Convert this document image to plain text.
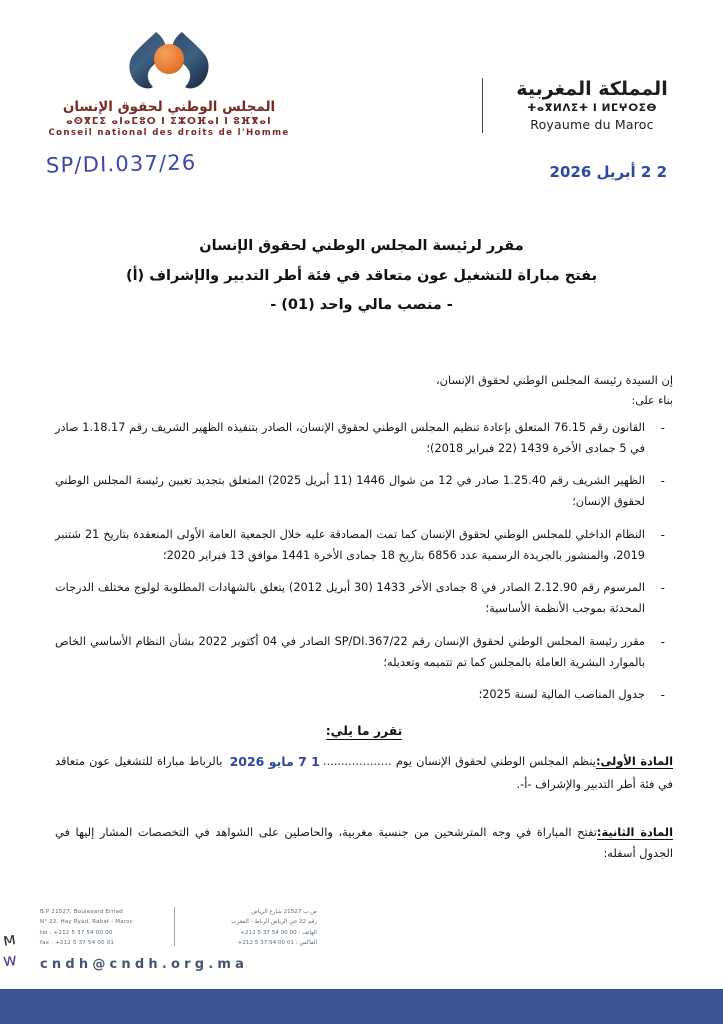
المجلس الوطني لحقوق الإنسان
ⴰⵙⴳⵎⵉ ⴰⵏⴰⵎⵓⵔ ⵏ ⵉⵣⵔⴼⴰⵏ ⵏ ⵓⴼⴳⴰⵏ
Conseil national des droits de l'Homme
SP/DI.037/26
المملكة المغربية
ⵜⴰⴳⵍⴷⵉⵜ ⵏ ⵍⵎⵖⵔⵉⴱ
Royaume du Maroc
2 2 أبريل 2026
مقرر لرئيسة المجلس الوطني لحقوق الإنسان
بفتح مباراة للتشغيل عون متعاقد في فئة أطر التدبير والإشراف (أ)
- منصب مالي واحد (01) -
إن السيدة رئيسة المجلس الوطني لحقوق الإنسان،
بناء على:
- القانون رقم 76.15 المتعلق بإعادة تنظيم المجلس الوطني لحقوق الإنسان، الصادر بتنفيذه الظهير الشريف رقم 1.18.17 صادر في 5 جمادى الأخرة 1439 (22 فبراير 2018)؛
- الظهير الشريف رقم 1.25.40 صادر في 12 من شوال 1446 (11 أبريل 2025) المتعلق بتجديد تعيين رئيسة المجلس الوطني لحقوق الإنسان؛
- النظام الداخلي للمجلس الوطني لحقوق الإنسان كما تمت المصادقة عليه خلال الجمعية العامة الأولى المنعقدة بتاريخ 21 شتنبر 2019، والمنشور بالجريدة الرسمية عدد 6856 بتاريخ 18 جمادى الأخرة 1441 موافق 13 فبراير 2020؛
- المرسوم رقم 2.12.90 الصادر في 8 جمادى الأخر 1433 (30 أبريل 2012) يتعلق بالشهادات المطلوبة لولوج مختلف الدرجات المحدثة بموجب الأنظمة الأساسية؛
- مقرر رئيسة المجلس الوطني لحقوق الإنسان رقم SP/DI.367/22 الصادر في 04 أكتوبر 2022 بشأن النظام الأساسي الخاص بالموارد البشرية العاملة بالمجلس كما تم تتميمه وتعديله؛
- جدول المناصب المالية لسنة 2025؛
تقرر ما يلي:
المادة الأولى:ينظم المجلس الوطني لحقوق الإنسان يوم ...................1 7 مايو 2026 بالرباط مباراة للتشغيل عون متعاقد في فئة أطر التدبير والإشراف -أ-.
المادة الثانية:تفتح المباراة في وجه المترشحين من جنسية مغربية، والحاصلين على الشواهد في التخصصات المشار إليها في الجدول أسفله:
ᴍ
ᴡ
B.P 21527, Boulevard Erriad
N° 22, Hay Ryad, Rabat - Maroc
tel : +212 5 37 54 00 00
fax : +212 5 37 54 00 01
ص ب 21527 شارع الرياض
رقم 22 حي الرياض الرباط - المغرب
الهاتف : 00 00 54 37 5 212+
الفاكس : 01 00 54 37 5 212+
cndh@cndh.org.ma
